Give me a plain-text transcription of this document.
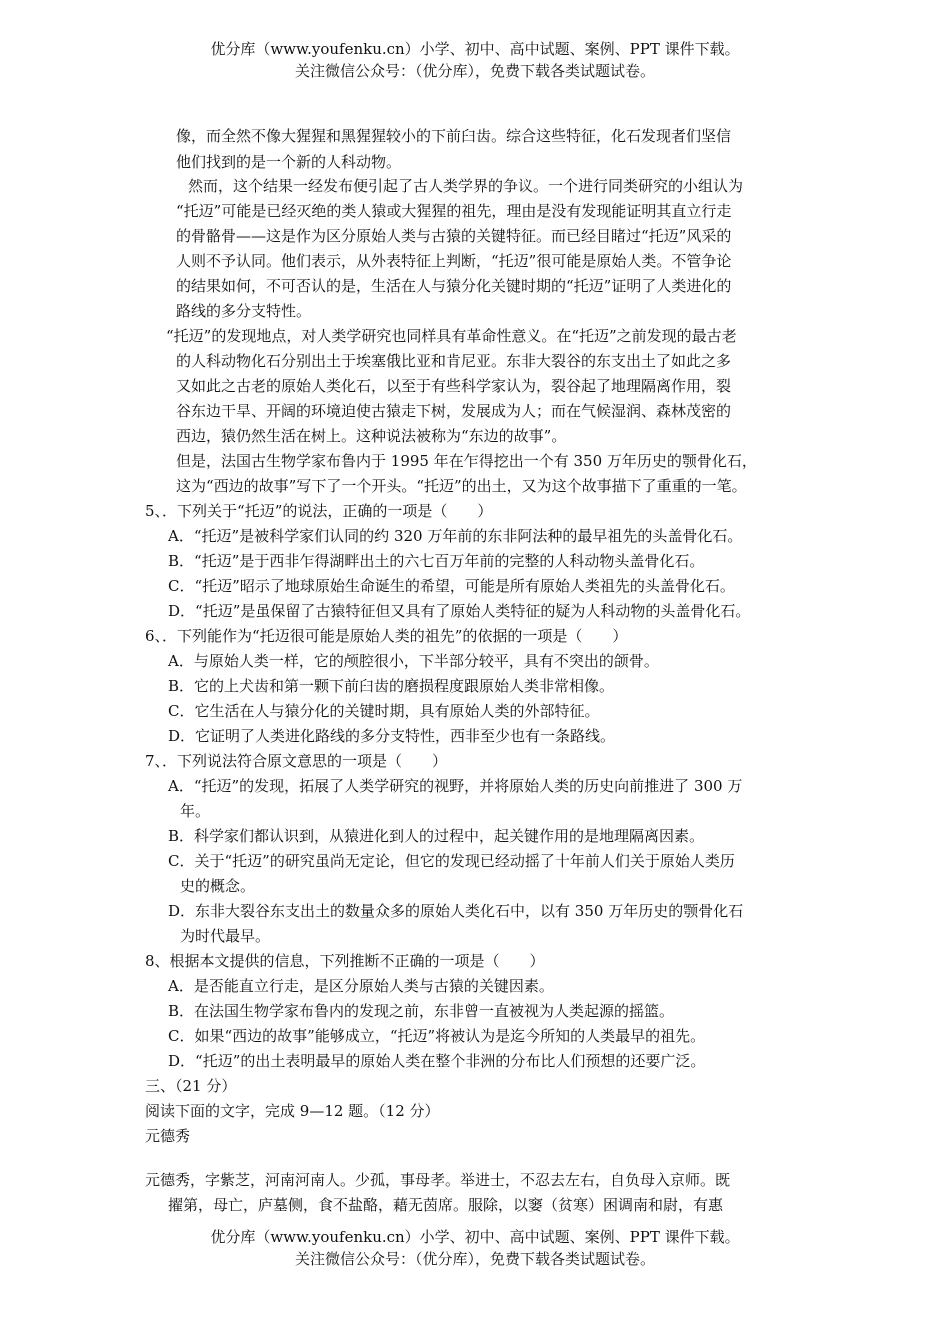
优分库（www.youfenku.cn）小学、初中、高中试题、案例、PPT 课件下载。
关注微信公众号：（优分库），免费下载各类试题试卷。
像，而全然不像大猩猩和黑猩猩较小的下前臼齿。综合这些特征，化石发现者们坚信
他们找到的是一个新的人科动物。
然而，这个结果一经发布便引起了古人类学界的争议。一个进行同类研究的小组认为
“托迈”可能是已经灭绝的类人猿或大猩猩的祖先，理由是没有发现能证明其直立行走
的骨骼骨——这是作为区分原始人类与古猿的关键特征。而已经目睹过“托迈”风采的
人则不予认同。他们表示，从外表特征上判断，“托迈”很可能是原始人类。不管争论
的结果如何，不可否认的是，生活在人与猿分化关键时期的“托迈”证明了人类进化的
路线的多分支特性。
“托迈”的发现地点，对人类学研究也同样具有革命性意义。在“托迈”之前发现的最古老
的人科动物化石分别出土于埃塞俄比亚和肯尼亚。东非大裂谷的东支出土了如此之多
又如此之古老的原始人类化石，以至于有些科学家认为，裂谷起了地理隔离作用，裂
谷东边干旱、开阔的环境迫使古猿走下树，发展成为人；而在气候湿润、森林茂密的
西边，猿仍然生活在树上。这种说法被称为“东边的故事”。
但是，法国古生物学家布鲁内于 1995 年在乍得挖出一个有 350 万年历史的颚骨化石，
这为“西边的故事”写下了一个开头。“托迈”的出土，又为这个故事描下了重重的一笔。
5、．下列关于“托迈”的说法，正确的一项是（　　）
A．“托迈”是被科学家们认同的约 320 万年前的东非阿法种的最早祖先的头盖骨化石。
B．“托迈”是于西非乍得湖畔出土的六七百万年前的完整的人科动物头盖骨化石。
C．“托迈”昭示了地球原始生命诞生的希望，可能是所有原始人类祖先的头盖骨化石。
D．“托迈”是虽保留了古猿特征但又具有了原始人类特征的疑为人科动物的头盖骨化石。
6、．下列能作为“托迈很可能是原始人类的祖先”的依据的一项是（　　）
A．与原始人类一样，它的颅腔很小，下半部分较平，具有不突出的颌骨。
B．它的上犬齿和第一颗下前臼齿的磨损程度跟原始人类非常相像。
C．它生活在人与猿分化的关键时期，具有原始人类的外部特征。
D．它证明了人类进化路线的多分支特性，西非至少也有一条路线。
7、．下列说法符合原文意思的一项是（　　）
A．“托迈”的发现，拓展了人类学研究的视野，并将原始人类的历史向前推进了 300 万
年。
B．科学家们都认识到，从猿进化到人的过程中，起关键作用的是地理隔离因素。
C．关于“托迈”的研究虽尚无定论，但它的发现已经动摇了十年前人们关于原始人类历
史的概念。
D．东非大裂谷东支出土的数量众多的原始人类化石中，以有 350 万年历史的颚骨化石
为时代最早。
8、根据本文提供的信息，下列推断不正确的一项是（　　）
A．是否能直立行走，是区分原始人类与古猿的关键因素。
B．在法国生物学家布鲁内的发现之前，东非曾一直被视为人类起源的摇篮。
C．如果“西边的故事”能够成立，“托迈”将被认为是迄今所知的人类最早的祖先。
D．“托迈”的出土表明最早的原始人类在整个非洲的分布比人们预想的还要广泛。
三、（21 分）
阅读下面的文字，完成 9—12 题。（12 分）
元德秀
元德秀，字紫芝，河南河南人。少孤，事母孝。举进士，不忍去左右，自负母入京师。既
擢第，母亡，庐墓侧，食不盐酪，藉无茵席。服除，以窭（贫寒）困调南和尉，有惠
优分库（www.youfenku.cn）小学、初中、高中试题、案例、PPT 课件下载。
关注微信公众号：（优分库），免费下载各类试题试卷。
